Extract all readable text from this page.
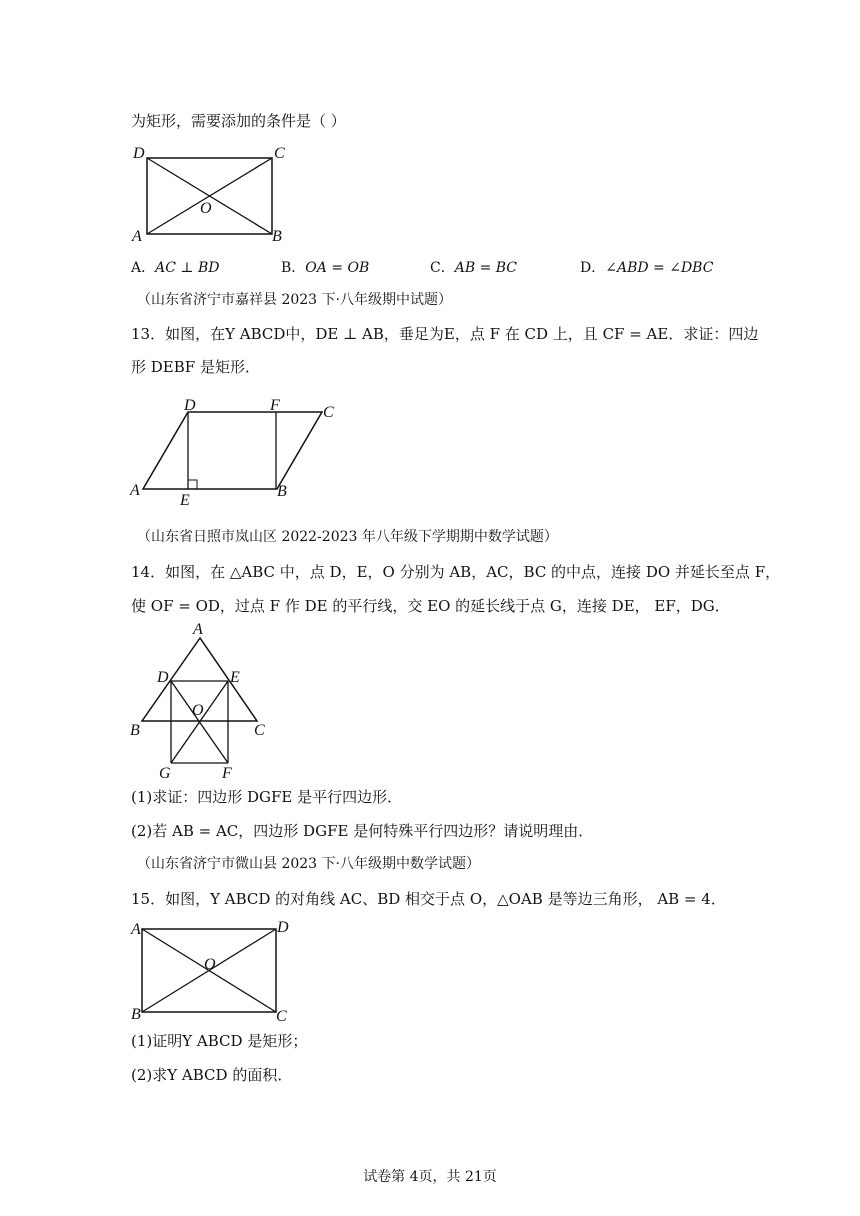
为矩形，需要添加的条件是（ ）
D	C
O
A	B
A．AC ⊥ BD	B．OA = OB	C．AB = BC	D．∠ABD = ∠DBC
（山东省济宁市嘉祥县 2023 下·八年级期中试题）
13．如图，在Y ABCD中，DE ⊥ AB，垂足为E，点 F 在 CD 上，且 CF = AE．求证：四边
形 DEBF 是矩形．
D	F	C
A
E
B
（山东省日照市岚山区 2022-2023 年八年级下学期期中数学试题）
14．如图，在 △ABC 中，点 D，E，O 分别为 AB，AC，BC 的中点，连接 DO 并延长至点 F，
使 OF = OD，过点 F 作 DE 的平行线，交 EO 的延长线于点 G，连接 DE， EF，DG．
A
D	E
O
B	C
G	F
(1)求证：四边形 DGFE 是平行四边形．
(2)若 AB = AC，四边形 DGFE 是何特殊平行四边形？请说明理由．
（山东省济宁市微山县 2023 下·八年级期中数学试题）
15．如图，Y ABCD 的对角线 AC、BD 相交于点 O，△OAB 是等边三角形， AB = 4．
A	D
O
B	C
(1)证明Y ABCD 是矩形；
(2)求Y ABCD 的面积．
试卷第 4页，共 21页
